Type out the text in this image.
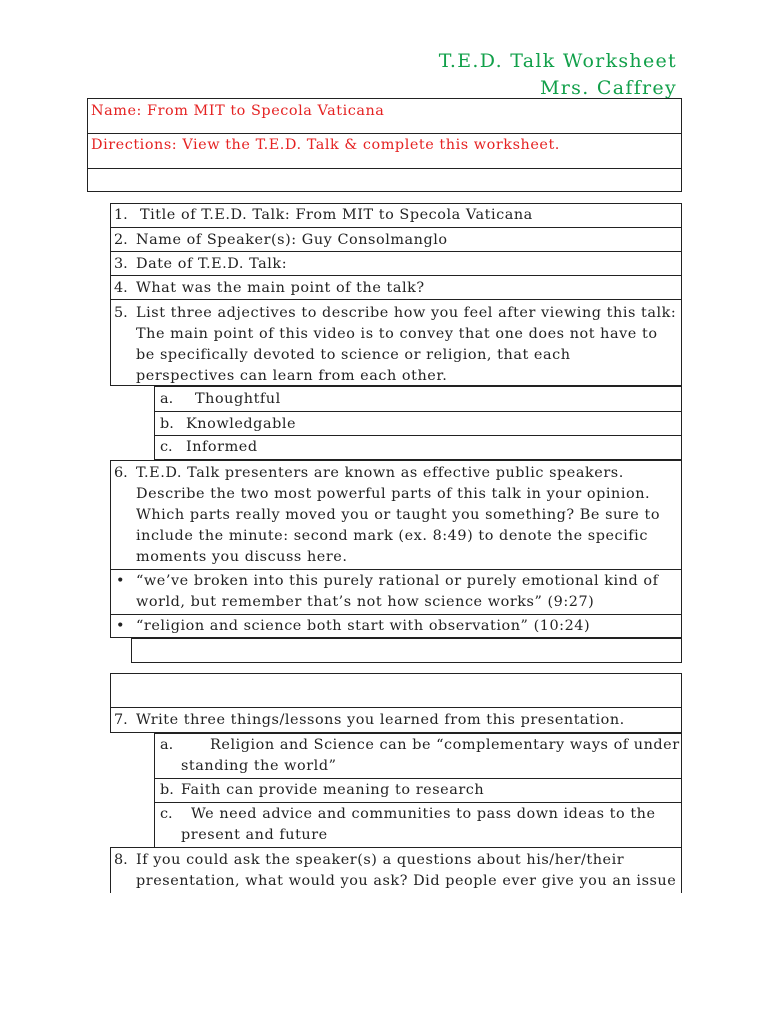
T.E.D. Talk Worksheet
Mrs. Caffrey
Name: From MIT to Specola Vaticana
Directions: View the T.E.D. Talk & complete this worksheet.
1. Title of T.E.D. Talk: From MIT to Specola Vaticana
2. Name of Speaker(s): Guy Consolmanglo
3. Date of T.E.D. Talk:
4. What was the main point of the talk?
5. List three adjectives to describe how you feel after viewing this talk:
The main point of this video is to convey that one does not have to
be specifically devoted to science or religion, that each
perspectives can learn from each other.
a. Thoughtful
b. Knowledgable
c. Informed
6. T.E.D. Talk presenters are known as effective public speakers.
Describe the two most powerful parts of this talk in your opinion.
Which parts really moved you or taught you something? Be sure to
include the minute: second mark (ex. 8:49) to denote the specific
moments you discuss here.
• “we’ve broken into this purely rational or purely emotional kind of
world, but remember that’s not how science works” (9:27)
• “religion and science both start with observation” (10:24)
7. Write three things/lessons you learned from this presentation.
a.	Religion and Science can be “complementary ways of under
standing the world”
b. Faith can provide meaning to research
c. We need advice and communities to pass down ideas to the
present and future
8. If you could ask the speaker(s) a questions about his/her/their
presentation, what would you ask? Did people ever give you an issue
